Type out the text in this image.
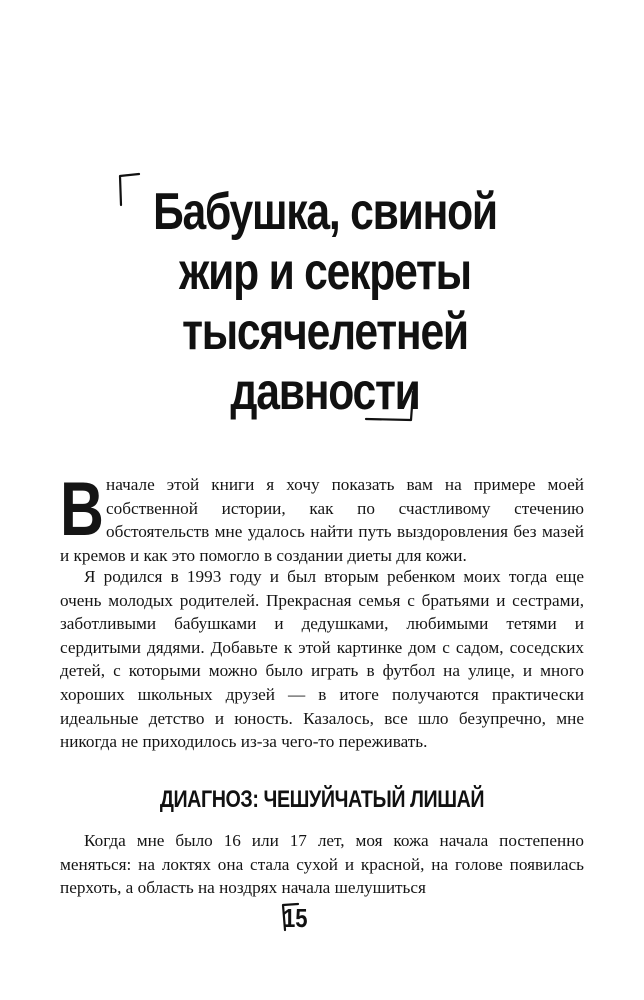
Бабушка, свиной
жир и секреты
тысячелетней
давности
В начале этой книги я хочу показать вам на примере моей собственной истории, как по счастливому стечению обстоятельств мне удалось найти путь выздоровления без мазей и кремов и как это помогло в создании диеты для кожи.
Я родился в 1993 году и был вторым ребенком моих тогда еще очень молодых родителей. Прекрасная семья с братьями и сестрами, заботливыми бабушками и дедушками, любимыми тетями и сердитыми дядями. Добавьте к этой картинке дом с садом, соседских детей, с которыми можно было играть в футбол на улице, и много хороших школьных друзей — в итоге получаются практически идеальные детство и юность. Казалось, все шло безупречно, мне никогда не приходилось из-за чего-то переживать.
ДИАГНОЗ: ЧЕШУЙЧАТЫЙ ЛИШАЙ
Когда мне было 16 или 17 лет, моя кожа начала постепенно меняться: на локтях она стала сухой и красной, на голове появилась перхоть, а область на ноздрях начала шелушиться
15
